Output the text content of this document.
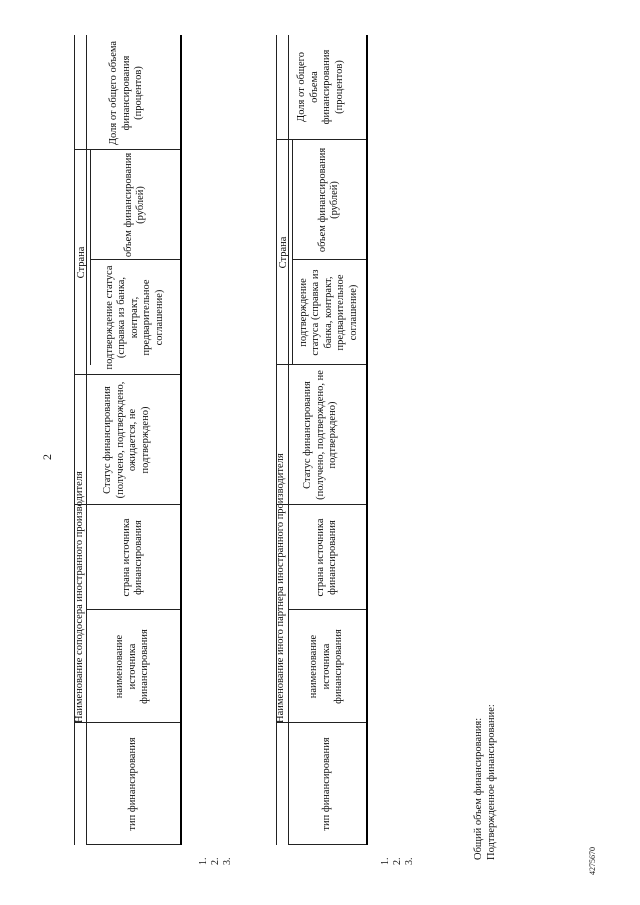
2
Наименование соподосера иностранного производителя
тип финансирования
наименование источника финансирования
страна источника финансирования
Статус финансирования (получено, подтверждено, ожидается, не подтверждено)
Страна
подтверждение статуса (справка из банка, контракт, предварительное соглашение)
объем финансирования (рублей)
Доля от общего объема финансирования (процентов)
1. 2. 3.
Наименование иного партнера иностранного производителя
тип финансирования
наименование источника финансирования
страна источника финансирования
Статус финансирования (получено, подтверждено, не подтверждено)
Страна
подтверждение статуса (справка из банка, контракт, предварительное соглашение)
объем финансирования (рублей)
Доля от общего объема финансирования (процентов)
1. 2. 3.
Общий объем финансирования: Подтвержденное финансирование:
4275670
